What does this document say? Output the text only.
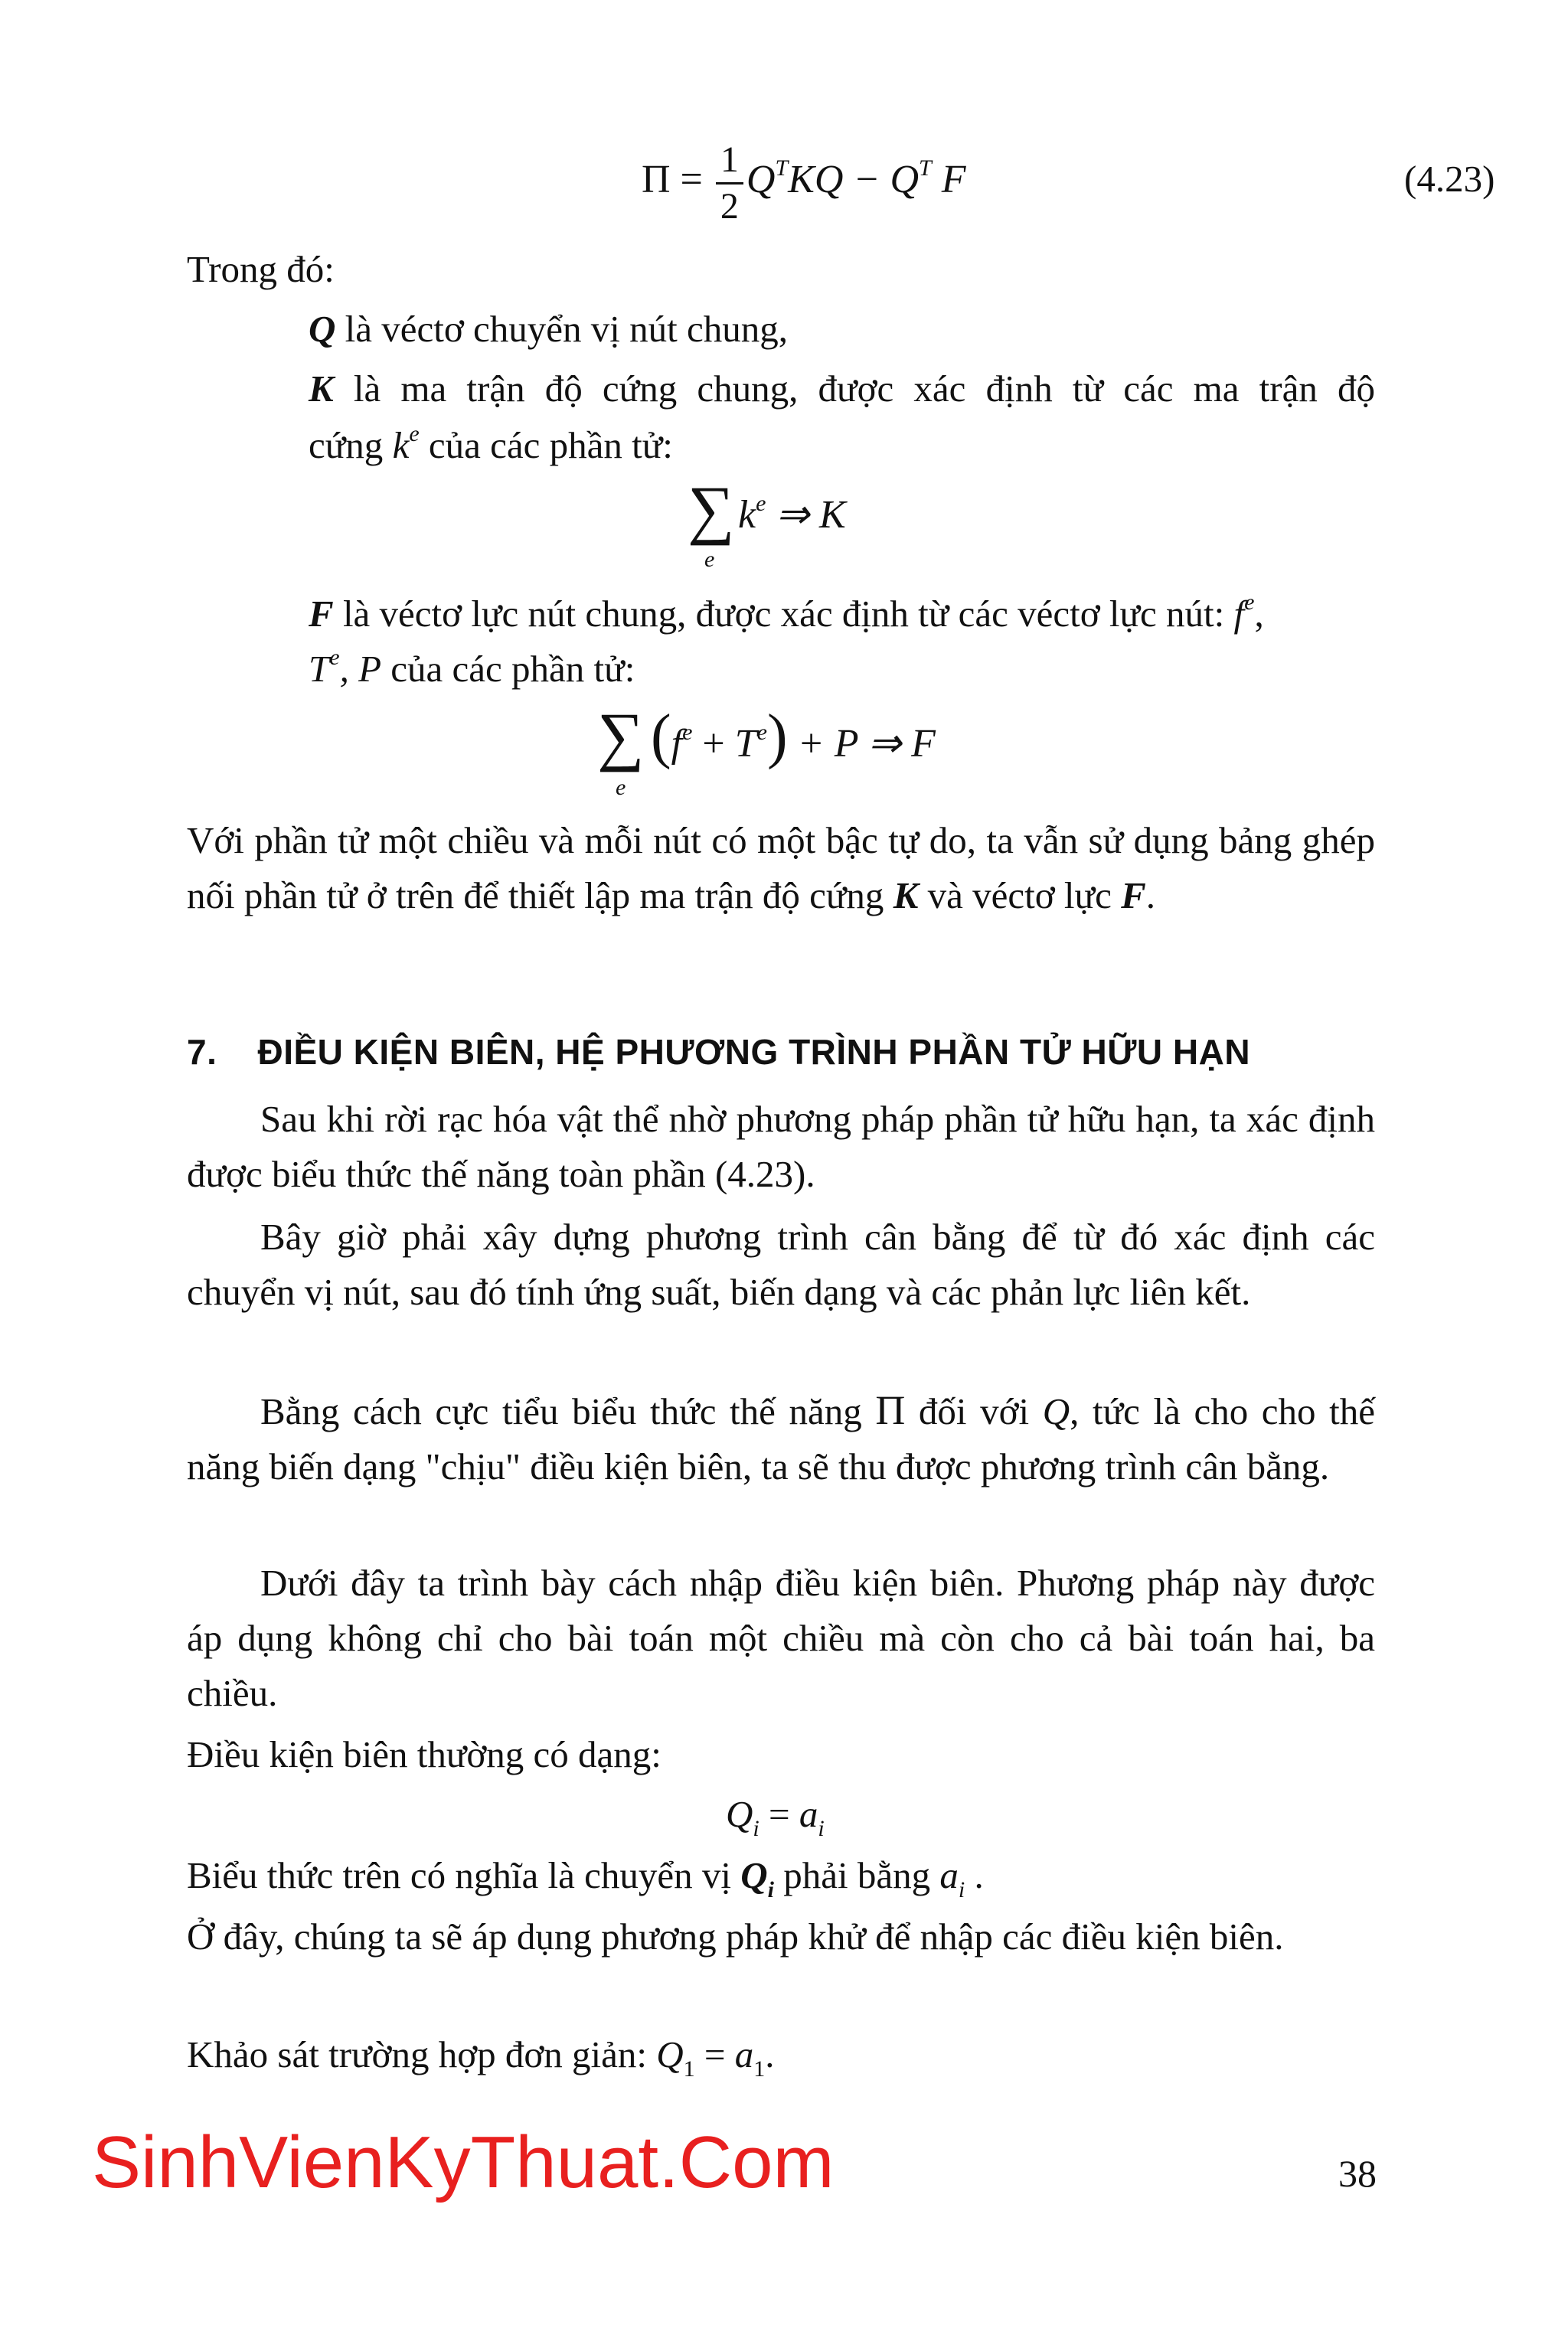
$\Pi = \frac{1}{2} Q^TKQ - Q^T$ F	(4.23)
Trong đó:
Q là véctơ chuyển vị nút chung,
K là ma trận độ cứng chung, được xác định từ các ma trận độ
cứng $k^e$ của các phần tử:
∑
e
$k^e$ ⇒ K
F là véctơ lực nút chung, được xác định từ các véctơ lực nút: $f^e$,
$T^e$, P của các phần tử:
∑
e
$(f^e + T^e) + P$ ⇒ F
Với phần tử một chiều và mỗi nút có một bậc tự do, ta vẫn sử dụng bảng ghép nối phần tử ở trên để thiết lập ma trận độ cứng K và véctơ lực F.
7.    ĐIỀU KIỆN BIÊN, HỆ PHƯƠNG TRÌNH PHẦN TỬ HỮU HẠN
Sau khi rời rạc hóa vật thể nhờ phương pháp phần tử hữu hạn, ta xác định được biểu thức thế năng toàn phần (4.23).
Bây giờ phải xây dựng phương trình cân bằng để từ đó xác định các chuyển vị nút, sau đó tính ứng suất, biến dạng và các phản lực liên kết.
Bằng cách cực tiểu biểu thức thế năng Π đối với Q, tức là cho cho thế năng biến dạng "chịu" điều kiện biên, ta sẽ thu được phương trình cân bằng.
Dưới đây ta trình bày cách nhập điều kiện biên. Phương pháp này được áp dụng không chỉ cho bài toán một chiều mà còn cho cả bài toán hai, ba chiều.
Điều kiện biên thường có dạng:
$Q_i = a_i$
Biểu thức trên có nghĩa là chuyển vị $Q_i$ phải bằng $a_i$ .
Ở đây, chúng ta sẽ áp dụng phương pháp khử để nhập các điều kiện biên.
Khảo sát trường hợp đơn giản: $Q_1 = a_1$.
SinhVienKyThuat.Com	38
